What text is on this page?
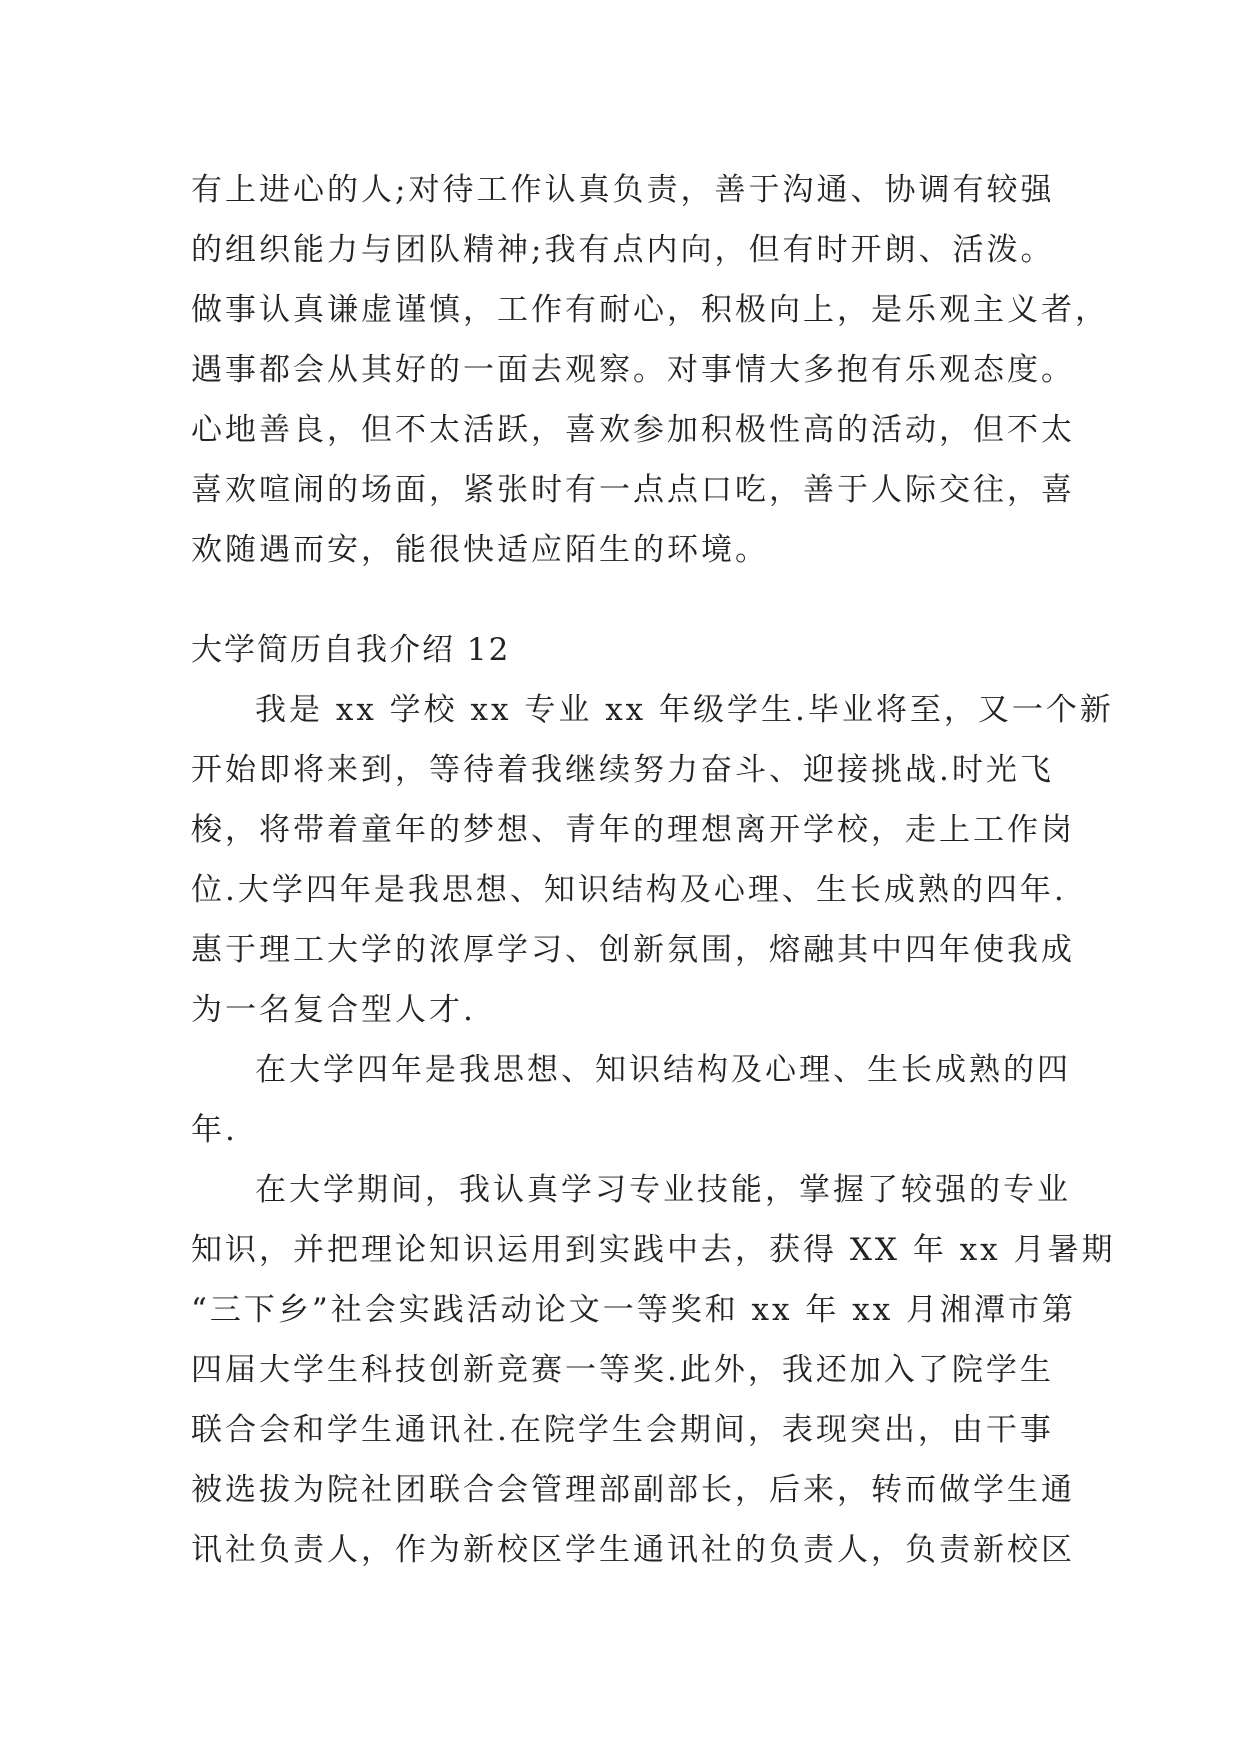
有上进心的人;对待工作认真负责，善于沟通、协调有较强
的组织能力与团队精神;我有点内向，但有时开朗、活泼。
做事认真谦虚谨慎，工作有耐心，积极向上，是乐观主义者，
遇事都会从其好的一面去观察。对事情大多抱有乐观态度。
心地善良，但不太活跃，喜欢参加积极性高的活动，但不太
喜欢喧闹的场面，紧张时有一点点口吃，善于人际交往，喜
欢随遇而安，能很快适应陌生的环境。
大学简历自我介绍 12
我是 xx 学校 xx 专业 xx 年级学生.毕业将至，又一个新
开始即将来到，等待着我继续努力奋斗、迎接挑战.时光飞
梭，将带着童年的梦想、青年的理想离开学校，走上工作岗
位.大学四年是我思想、知识结构及心理、生长成熟的四年.
惠于理工大学的浓厚学习、创新氛围，熔融其中四年使我成
为一名复合型人才.
在大学四年是我思想、知识结构及心理、生长成熟的四
年.
在大学期间，我认真学习专业技能，掌握了较强的专业
知识，并把理论知识运用到实践中去，获得 XX 年 xx 月暑期
“三下乡”社会实践活动论文一等奖和 xx 年 xx 月湘潭市第
四届大学生科技创新竞赛一等奖.此外，我还加入了院学生
联合会和学生通讯社.在院学生会期间，表现突出，由干事
被选拔为院社团联合会管理部副部长，后来，转而做学生通
讯社负责人，作为新校区学生通讯社的负责人，负责新校区
